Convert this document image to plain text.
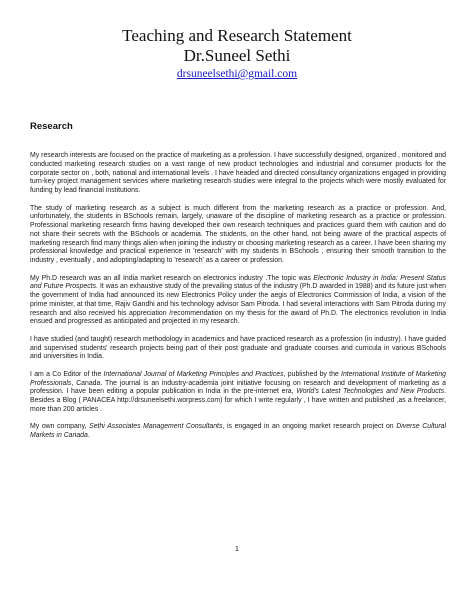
Teaching and Research Statement
Dr.Suneel Sethi
drsuneelsethi@gmail.com
Research

My research interests are focused on the practice of marketing as a profession. I have successfully designed, organized , monitored and conducted marketing research studies on a vast range of new product technologies and industrial and consumer products for the corporate sector on , both, national and international levels . I have headed and directed consultancy organizations engaged in providing turn-key project management services where marketing research studies were integral to the projects which were mostly evaluated for funding by lead financial institutions.

The study of marketing research as a subject is much different from the marketing research as a practice or profession. And, unfortunately, the students in BSchools remain, largely, unaware of the discipline of marketing research as a practice or profession. Professional marketing research firms having developed their own research techniques and practices guard them with caution and do not share their secrets with the BSchools or academia. The students, on the other hand, not being aware of the practical aspects of marketing research find many things alien when joining the industry or choosing marketing research as a career. I have been sharing my professional knowledge and practical experience in 'research' with my students in BSchools , ensuring their smooth transition to the industry , eventually , and adopting/adapting to 'research' as a career or profession.

My Ph.D research was an all India market research on electronics industry .The topic was Electronic Industry in India: Present Status and Future Prospects. It was an exhaustive study of the prevailing status of the industry (Ph.D awarded in 1988) and its future just when the government of India had announced its new Electronics Policy under the aegis of Electronics Commission of India, a vision of the prime minister, at that time, Rajiv Gandhi and his technology advisor Sam Pitroda. I had several interactions with Sam Pitroda during my research and also received his appreciation /recommendation on my thesis for the award of Ph.D. The electronics revolution in India ensued and progressed as anticipated and projected in my research.

I have studied (and taught) research methodology in academics and have practiced research as a profession (in industry). I have guided and supervised students' research projects being part of their post graduate and graduate courses and curricula in various BSchools and universities in India.

I am a Co Editor of the International Journal of Marketing Principles and Practices, published by the International Institute of Marketing Professionals, Canada. The journal is an industry-academia joint initiative focusing on research and development of marketing as a profession. I have been editing a popular publication in India in the pre-internet era, World's Latest Technologies and New Products. Besides a Blog ( PANACEA http://drsuneelsethi.worpress.com) for which I write regularly , I have written and published ,as a freelancer, more than 200 articles .

My own company, Sethi Associates Management Consultants, is engaged in an ongoing market research project on Diverse Cultural Markets in Canada.

1
